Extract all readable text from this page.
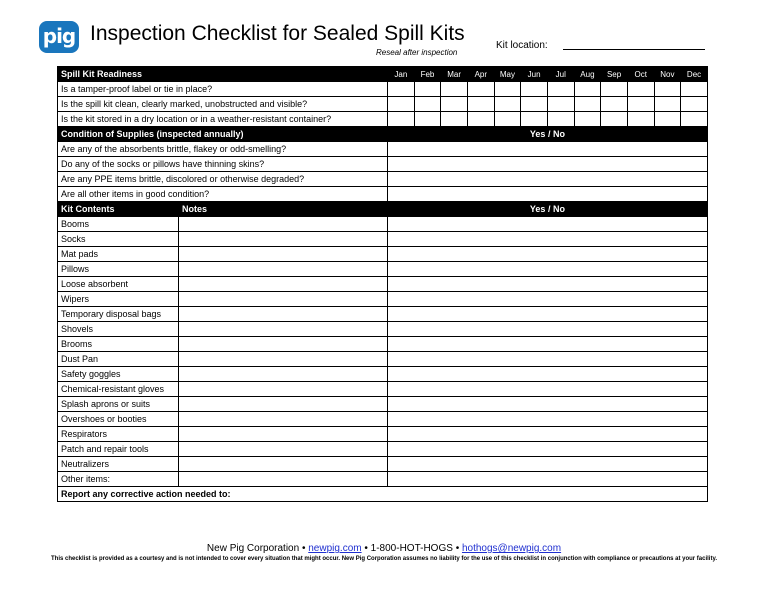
pig Inspection Checklist for Sealed Spill Kits
Reseal after inspection
Kit location:
Spill Kit Readiness		Jan	Feb	Mar	Apr	May	Jun	Jul	Aug	Sep	Oct	Nov	Dec
Is a tamper-proof label or tie in place?													
Is the spill kit clean, clearly marked, unobstructed and visible?													
Is the kit stored in a dry location or in a weather-resistant container?													
Condition of Supplies (inspected annually)		Yes / No											
Are any of the absorbents brittle, flakey or odd-smelling?													
Do any of the socks or pillows have thinning skins?													
Are any PPE items brittle, discolored or otherwise degraded?													
Are all other items in good condition?													
Kit Contents	Notes	Yes / No											
Booms													
Socks													
Mat pads													
Pillows													
Loose absorbent													
Wipers													
Temporary disposal bags													
Shovels													
Brooms													
Dust Pan													
Safety goggles													
Chemical-resistant gloves													
Splash aprons or suits													
Overshoes or booties													
Respirators													
Patch and repair tools													
Neutralizers													
Other items:													
Report any corrective action needed to:													
New Pig Corporation • newpig.com • 1-800-HOT-HOGS • hothogs@newpig.com
This checklist is provided as a courtesy and is not intended to cover every situation that might occur. New Pig Corporation assumes no liability for the use of this checklist in conjunction with compliance or precautions at your facility.
